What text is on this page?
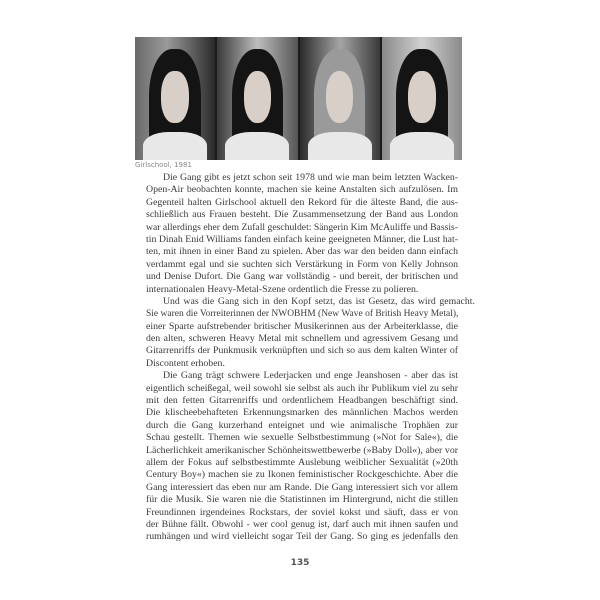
Girlschool, 1981
Die Gang gibt es jetzt schon seit 1978 und wie man beim letzten Wacken-
Open-Air beobachten konnte, machen sie keine Anstalten sich aufzulösen. Im
Gegenteil halten Girlschool aktuell den Rekord für die älteste Band, die aus-
schließlich aus Frauen besteht. Die Zusammensetzung der Band aus London
war allerdings eher dem Zufall geschuldet: Sängerin Kim McAuliffe und Bassis-
tin Dinah Enid Williams fanden einfach keine geeigneten Männer, die Lust hat-
ten, mit ihnen in einer Band zu spielen. Aber das war den beiden dann einfach
verdammt egal und sie suchten sich Verstärkung in Form von Kelly Johnson
und Denise Dufort. Die Gang war vollständig - und bereit, der britischen und
internationalen Heavy-Metal-Szene ordentlich die Fresse zu polieren.
Und was die Gang sich in den Kopf setzt, das ist Gesetz, das wird gemacht.
Sie waren die Vorreiterinnen der NWOBHM (New Wave of British Heavy Metal),
einer Sparte aufstrebender britischer Musikerinnen aus der Arbeiterklasse, die
den alten, schweren Heavy Metal mit schnellem und agressivem Gesang und
Gitarrenriffs der Punkmusik verknüpften und sich so aus dem kalten Winter of
Discontent erhoben.
Die Gang trägt schwere Lederjacken und enge Jeanshosen - aber das ist
eigentlich scheißegal, weil sowohl sie selbst als auch ihr Publikum viel zu sehr
mit den fetten Gitarrenriffs und ordentlichem Headbangen beschäftigt sind.
Die klischeebehafteten Erkennungsmarken des männlichen Machos werden
durch die Gang kurzerhand enteignet und wie animalische Trophäen zur
Schau gestellt. Themen wie sexuelle Selbstbestimmung (»Not for Sale«), die
Lächerlichkeit amerikanischer Schönheitswettbewerbe (»Baby Doll«), aber vor
allem der Fokus auf selbstbestimmte Auslebung weiblicher Sexualität (»20th
Century Boy«) machen sie zu Ikonen feministischer Rockgeschichte. Aber die
Gang interessiert das eben nur am Rande. Die Gang interessiert sich vor allem
für die Musik. Sie waren nie die Statistinnen im Hintergrund, nicht die stillen
Freundinnen irgendeines Rockstars, der soviel kokst und säuft, dass er von
der Bühne fällt. Obwohl - wer cool genug ist, darf auch mit ihnen saufen und
rumhängen und wird vielleicht sogar Teil der Gang. So ging es jedenfalls den
135
